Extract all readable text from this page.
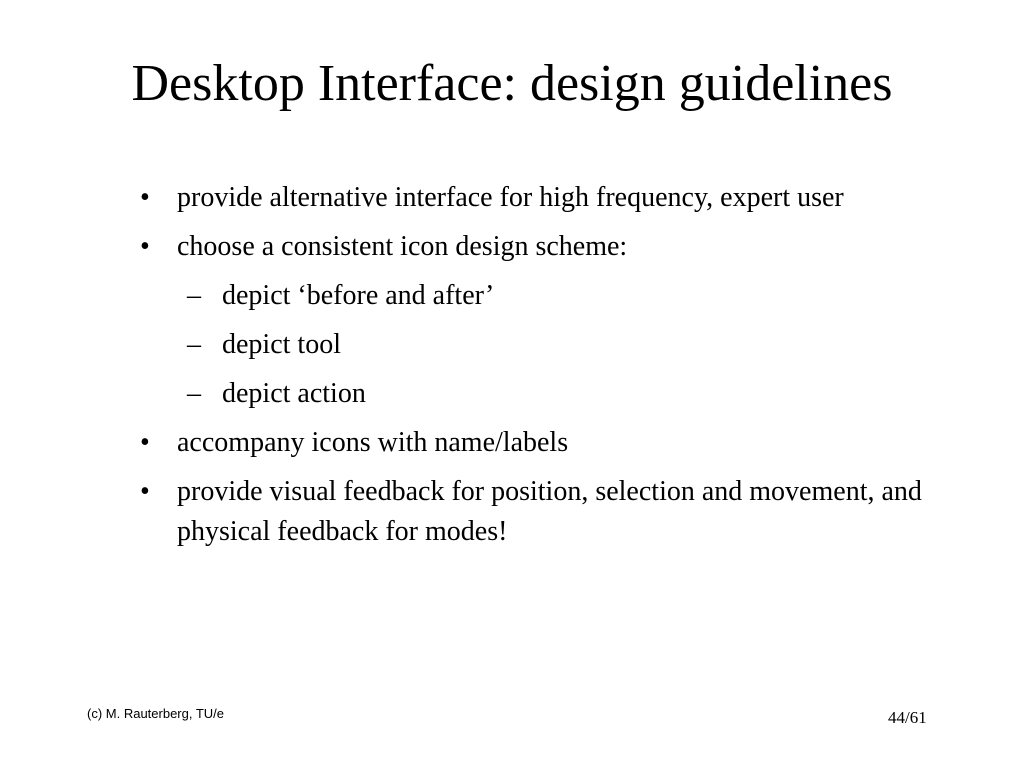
Desktop Interface: design guidelines
• provide alternative interface for high frequency, expert user
• choose a consistent icon design scheme:
– depict ‘before and after’
– depict tool
– depict action
• accompany icons with name/labels
• provide visual feedback for position, selection and movement, and physical feedback for modes!
(c) M. Rauterberg, TU/e	44/61
